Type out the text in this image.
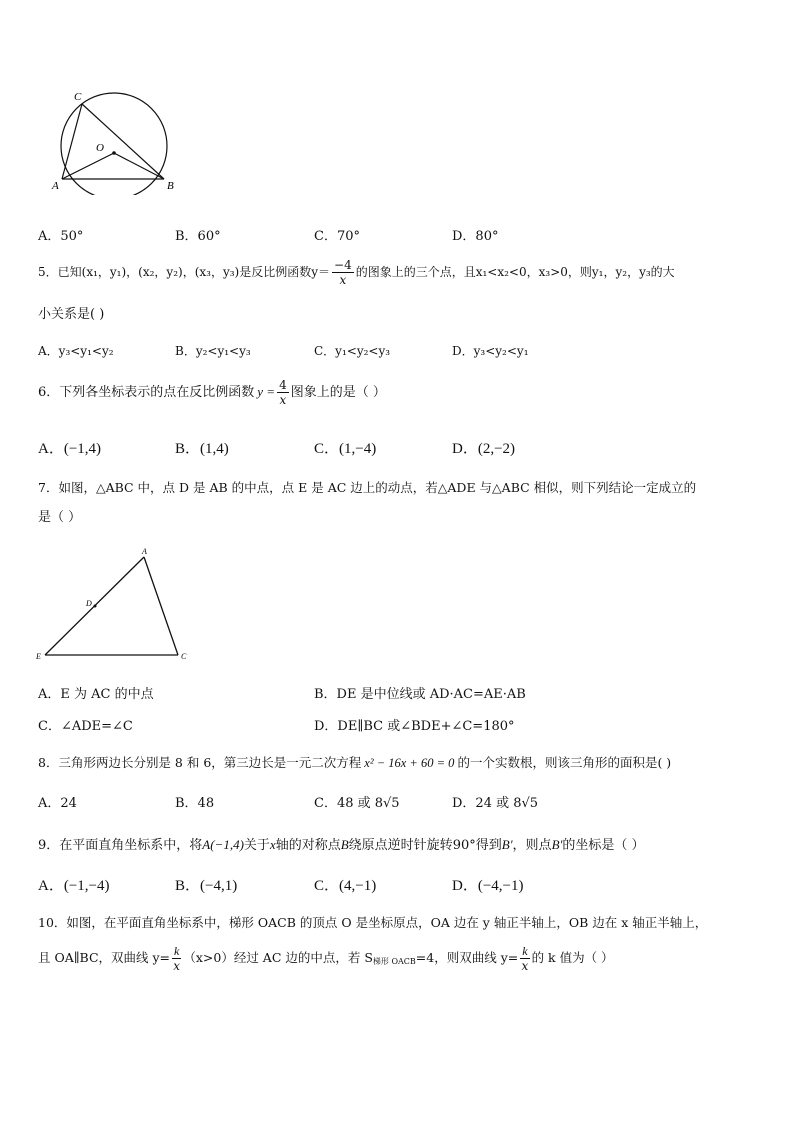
C
O
A	B
A．50°	B．60°	C．70°	D．80°
5．已知(x₁，y₁)，(x₂，y₂)，(x₃，y₃)是反比例函数$y= \frac{-4}{x}$ 的图象上的三个点，且x₁<x₂<0，x₃>0，则y₁，y₂，y₃的大
小关系是( )
A．y₃<y₁<y₂	B．y₂<y₁<y₃	C．y₁<y₂<y₃	D．y₃<y₂<y₁
6．下列各坐标表示的点在反比例函数 $y = \frac{4}{x}$ 图象上的是（ ）
A．(−1,4)	B．(1,4)	C．(1,−4)	D．(2,−2)
7．如图，△ABC 中，点 D 是 AB 的中点，点 E 是 AC 边上的动点，若△ADE 与△ABC 相似，则下列结论一定成立的
是（ ）
A
D
E	C
A．E 为 AC 的中点	B．DE 是中位线或 AD·AC=AE·AB
C．∠ADE=∠C	D．DE∥BC 或∠BDE+∠C=180°
8．三角形两边长分别是 8 和 6，第三边长是一元二次方程 x² − 16x + 60 = 0 的一个实数根，则该三角形的面积是( )
A．24	B．48	C．48 或 8√5	D．24 或 8√5
9．在平面直角坐标系中，将A(−1,4)关于x轴的对称点B绕原点逆时针旋转90°得到B′，则点B′的坐标是（ ）
A．(−1,−4)	B．(−4,1)	C．(4,−1)	D．(−4,−1)
10．如图，在平面直角坐标系中，梯形 OACB 的顶点 O 是坐标原点，OA 边在 y 轴正半轴上，OB 边在 x 轴正半轴上，
且 OA∥BC，双曲线 $y= \frac{k}{x} (x>0)$经过 AC 边的中点，若 $S_{梯形 OACB}=4$，则双曲线 $y= \frac{k}{x}$ 的 k 值为（ ）
